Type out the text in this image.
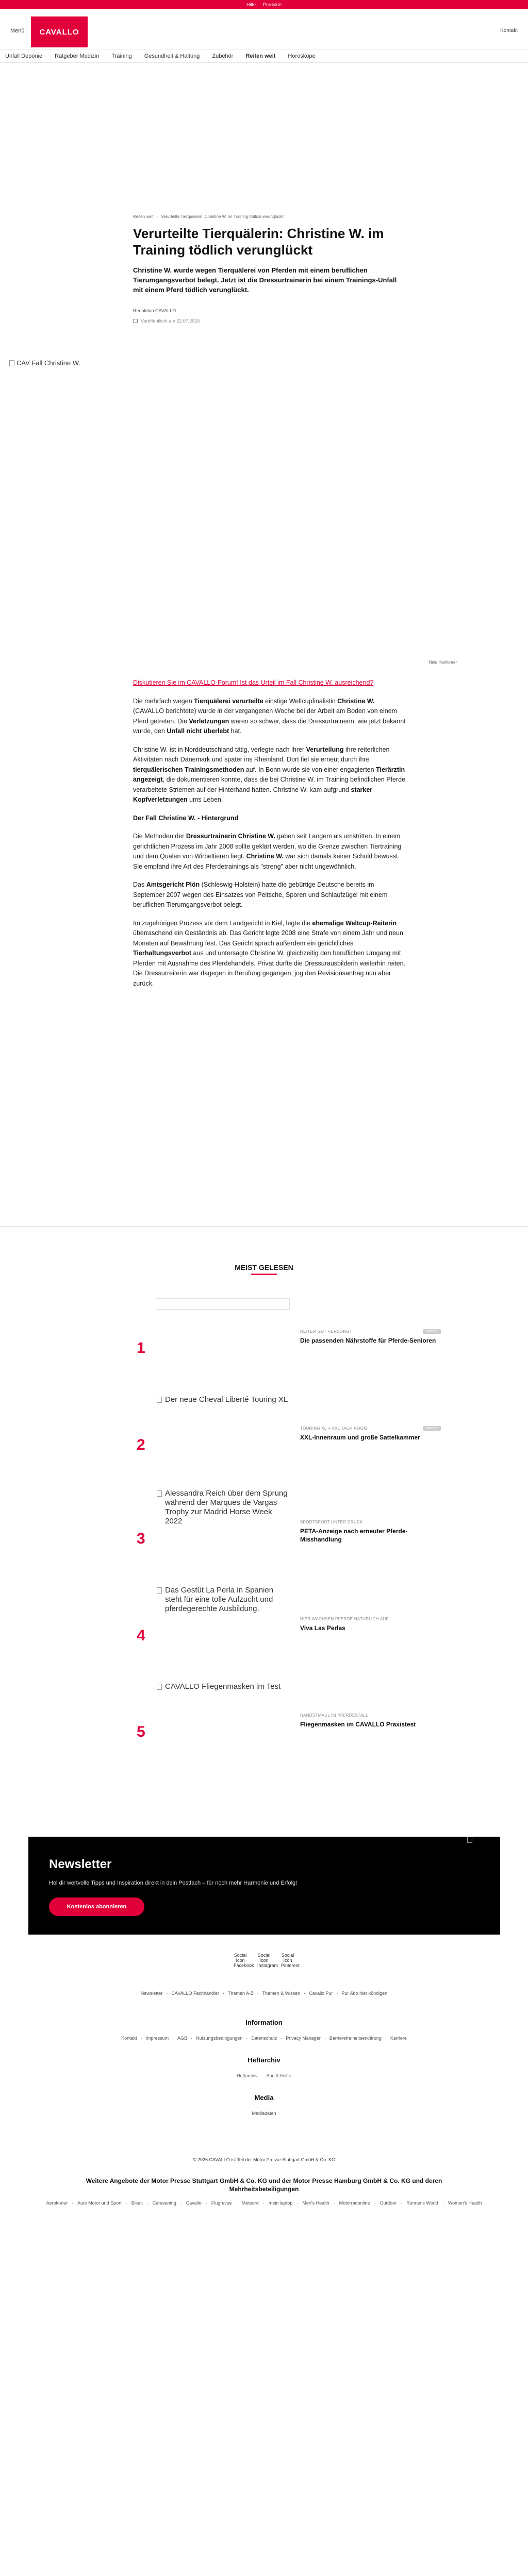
Hilfe Produkte
Menü	CAVALLO	Kontakt
Unfall Deponie Ratgeber Medizin Training Gesundheit & Haltung Zubehör Reiten weit Horoskope
Reiten weit › Verurteilte Tierquälerin: Christine W. im Training tödlich verunglückt
Verurteilte Tierquälerin: Christine W. im Training tödlich verunglückt

Christine W. wurde wegen Tierquälerei von Pferden mit einem beruflichen Tierumgangsverbot belegt. Jetzt ist die Dressurtrainerin bei einem Trainings-Unfall mit einem Pferd tödlich verunglückt.

Redaktion CAVALLO
Veröffentlicht am 22.07.2015
CAV Fall Christine W.
Nela Hambruer

Diskutieren Sie im CAVALLO-Forum! Ist das Urteil im Fall Christine W. ausreichend?

Die mehrfach wegen Tierquälerei verurteilte einstige Weltcupfinalistin Christine W. (CAVALLO berichtete) wurde in der vergangenen Woche bei der Arbeit am Boden von einem Pferd getreten. Die Verletzungen waren so schwer, dass die Dressurtrainerin, wie jetzt bekannt wurde, den Unfall nicht überlebt hat.

Christine W. ist in Norddeutschland tätig, verlegte nach ihrer Verurteilung ihre reiterlichen Aktivitäten nach Dänemark und später ins Rheinland. Dort fiel sie erneut durch ihre tierquälerischen Trainingsmethoden auf. In Bonn wurde sie von einer engagierten Tierärztin angezeigt, die dokumentieren konnte, dass die bei Christine W. im Training befindlichen Pferde verarbeitete Striemen auf der Hinterhand hatten. Christine W. kam aufgrund starker Kopfverletzungen ums Leben.

Der Fall Christine W. - Hintergrund

Die Methoden der Dressurtrainerin Christine W. gaben seit Langem als umstritten. In einem gerichtlichen Prozess im Jahr 2008 sollte geklärt werden, wo die Grenze zwischen Tiertraining und dem Quälen von Wirbeltieren liegt. Christine W. war sich damals keiner Schuld bewusst. Sie empfand ihre Art des Pferdetrainings als "streng" aber nicht ungewöhnlich.

Das Amtsgericht Plön (Schleswig-Holstein) hatte die gebürtige Deutsche bereits im September 2007 wegen des Einsatzes von Peitsche, Sporen und Schlaufzügel mit einem beruflichen Tierumgangsverbot belegt.

Im zugehörigen Prozess vor dem Landgericht in Kiel, legte die ehemalige Weltcup-Reiterin überraschend ein Geständnis ab. Das Gericht legte 2008 eine Strafe von einem Jahr und neun Monaten auf Bewährung fest. Das Gericht sprach außerdem ein gerichtliches Tierhaltungsverbot aus und untersagte Christine W. gleichzeitig den beruflichen Umgang mit Pferden mit Ausnahme des Pferdehandels. Privat durfte die Dressurausbilderin weiterhin reiten. Die Dressurreiterin war dagegen in Berufung gegangen, jog den Revisionsantrag nun aber zurück.

MEIST GELESEN
1
REITER GUT VERSORGT	Anzeige
Die passenden Nährstoffe für Pferde-Senioren
2
Der neue Cheval Liberté Touring XL
TOURING XL + XXL TACK ROOM	Anzeige
XXL-Innenraum und große Sattelkammer
3
Alessandra Reich über dem Sprung während der Marques de Vargas Trophy zur Madrid Horse Week 2022	SPORTSPORT UNTER DRUCK
PETA-Anzeige nach erneuter Pferde-Misshandlung
4
Das Gestüt La Perla in Spanien steht für eine tolle Aufzucht und pferdegerechte Ausbildung.
HIER WACHSEN PFERDE NATÜRLICH AUF
Viva Las Perlas
5
CAVALLO Fliegenmasken im Test
HANDSTMAUL IM PFERDESTALL
Fliegenmasken im CAVALLO Praxistest
Newsletter

Hol dir wertvolle Tipps und Inspiration direkt in dein Postfach – für noch mehr Harmonie und Erfolg!

Kostenlos abonnieren
Social Icon Facebook
Social Icon Instagram
Social Icon Pinterest
Newsletter · CAVALLO Fachhändler · Themen A-Z · Themen & Wissen · Cavallo Pur · Pur Abo hier kündigen
Information
Kontakt · Impressum · AGB · Nutzungsbedingungen · Datenschutz · Privacy Manager · Barrierefreiheitserklärung · Karriere
Heftarchiv
Heftarchiv · Abo & Hefte
Media
Mediadaten
© 2026 CAVALLO ist Teil der Motor Presse Stuttgart GmbH & Co. KG
Weitere Angebote der Motor Presse Stuttgart GmbH & Co. KG und der Motor Presse Hamburg GmbH & Co. KG und deren Mehrheitsbeteiligungen
Aerokurier · Auto Motor und Sport · Bikeit · Caravaning · Cavallo · Flugrevue · Meteoro · mein laptop · Men's Health · Motorradonline · Outdoor · Runner's World · Women's Health
